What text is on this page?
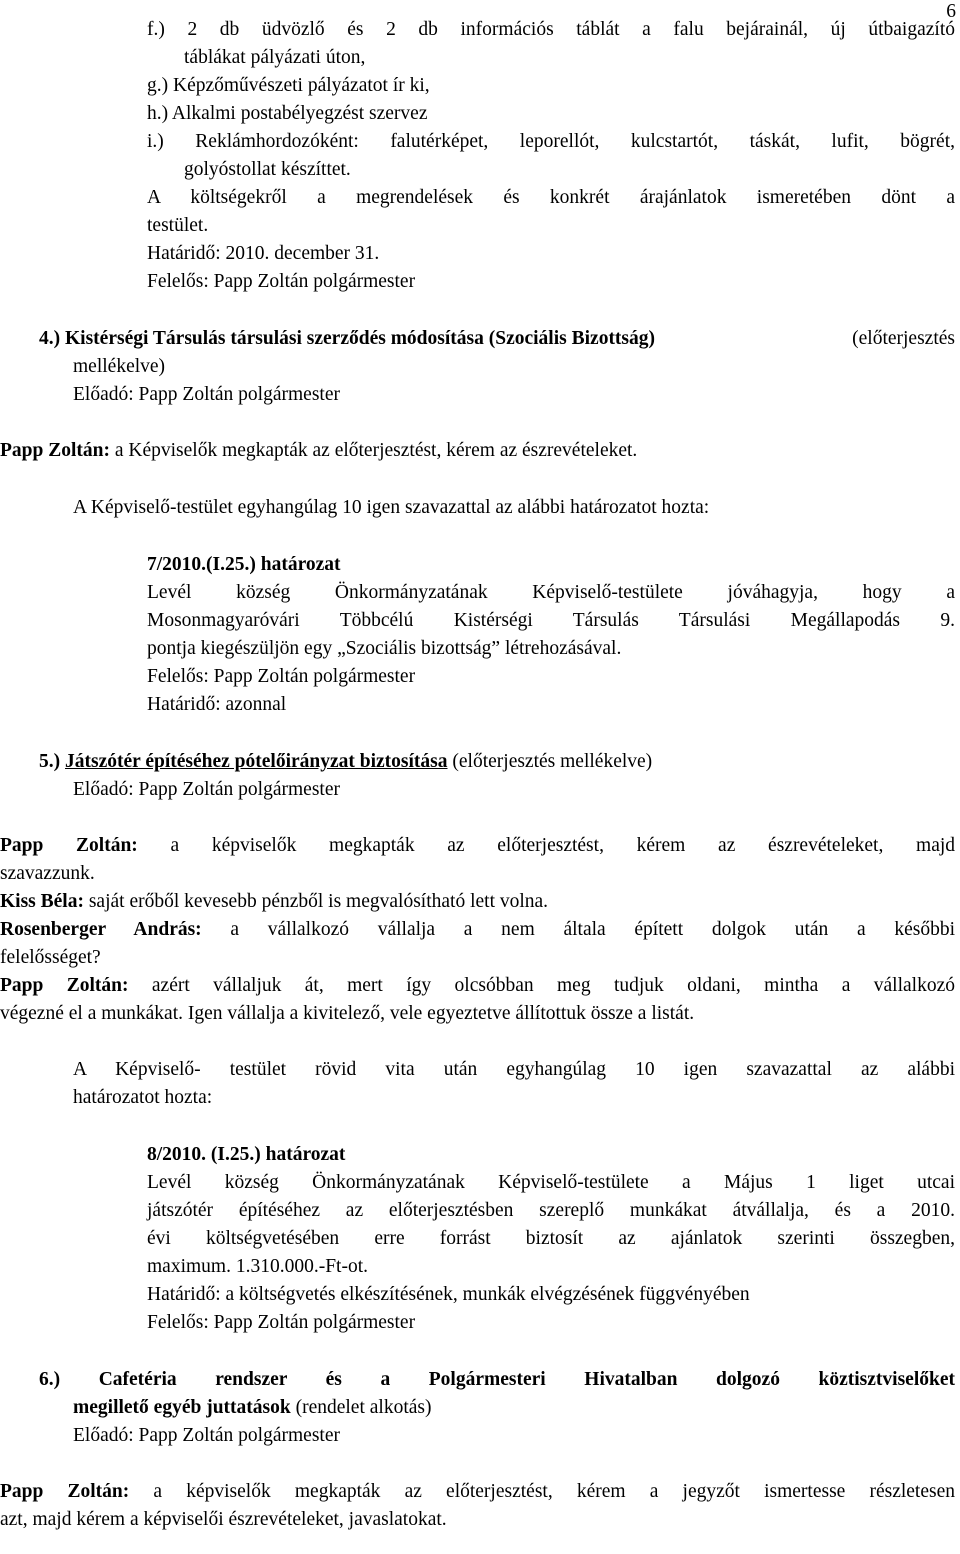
6
f.) 2 db üdvözlő és 2 db információs táblát a falu bejárainál, új útbaigazító
táblákat pályázati úton,
g.) Képzőművészeti pályázatot ír ki,
h.) Alkalmi postabélyegzést szervez
i.) Reklámhordozóként: falutérképet, leporellót, kulcstartót, táskát, lufit, bögrét,
golyóstollat készíttet.
A költségekről a megrendelések és konkrét árajánlatok ismeretében dönt a
testület.
Határidő: 2010. december 31.
Felelős: Papp Zoltán polgármester
4.) Kistérségi Társulás társulási szerződés módosítása (Szociális Bizottság)	(előterjesztés
mellékelve)
Előadó: Papp Zoltán polgármester
Papp Zoltán: a Képviselők megkapták az előterjesztést, kérem az észrevételeket.
A Képviselő-testület egyhangúlag 10 igen szavazattal az alábbi határozatot hozta:
7/2010.(I.25.) határozat
Levél község Önkormányzatának Képviselő-testülete jóváhagyja, hogy a
Mosonmagyaróvári Többcélú Kistérségi Társulás Társulási Megállapodás 9.
pontja kiegészüljön egy „Szociális bizottság” létrehozásával.
Felelős: Papp Zoltán polgármester
Határidő: azonnal
5.) Játszótér építéséhez pótelőirányzat biztosítása (előterjesztés mellékelve)
Előadó: Papp Zoltán polgármester
Papp Zoltán: a képviselők megkapták az előterjesztést, kérem az észrevételeket, majd
szavazzunk.
Kiss Béla: saját erőből kevesebb pénzből is megvalósítható lett volna.
Rosenberger András: a vállalkozó vállalja a nem általa épített dolgok után a későbbi
felelősséget?
Papp Zoltán: azért vállaljuk át, mert így olcsóbban meg tudjuk oldani, mintha a vállalkozó
végezné el a munkákat. Igen vállalja a kivitelező, vele egyeztetve állítottuk össze a listát.
A Képviselő- testület rövid vita után egyhangúlag 10 igen szavazattal az alábbi
határozatot hozta:
8/2010. (I.25.) határozat
Levél község Önkormányzatának Képviselő-testülete a Május 1 liget utcai
játszótér építéséhez az előterjesztésben szereplő munkákat átvállalja, és a 2010.
évi költségvetésében erre forrást biztosít az ajánlatok szerinti összegben,
maximum. 1.310.000.-Ft-ot.
Határidő: a költségvetés elkészítésének, munkák elvégzésének függvényében
Felelős: Papp Zoltán polgármester
6.) Cafetéria rendszer és a Polgármesteri Hivatalban dolgozó köztisztviselőket
megillető egyéb juttatások (rendelet alkotás)
Előadó: Papp Zoltán polgármester
Papp Zoltán: a képviselők megkapták az előterjesztést, kérem a jegyzőt ismertesse részletesen
azt, majd kérem a képviselői észrevételeket, javaslatokat.
